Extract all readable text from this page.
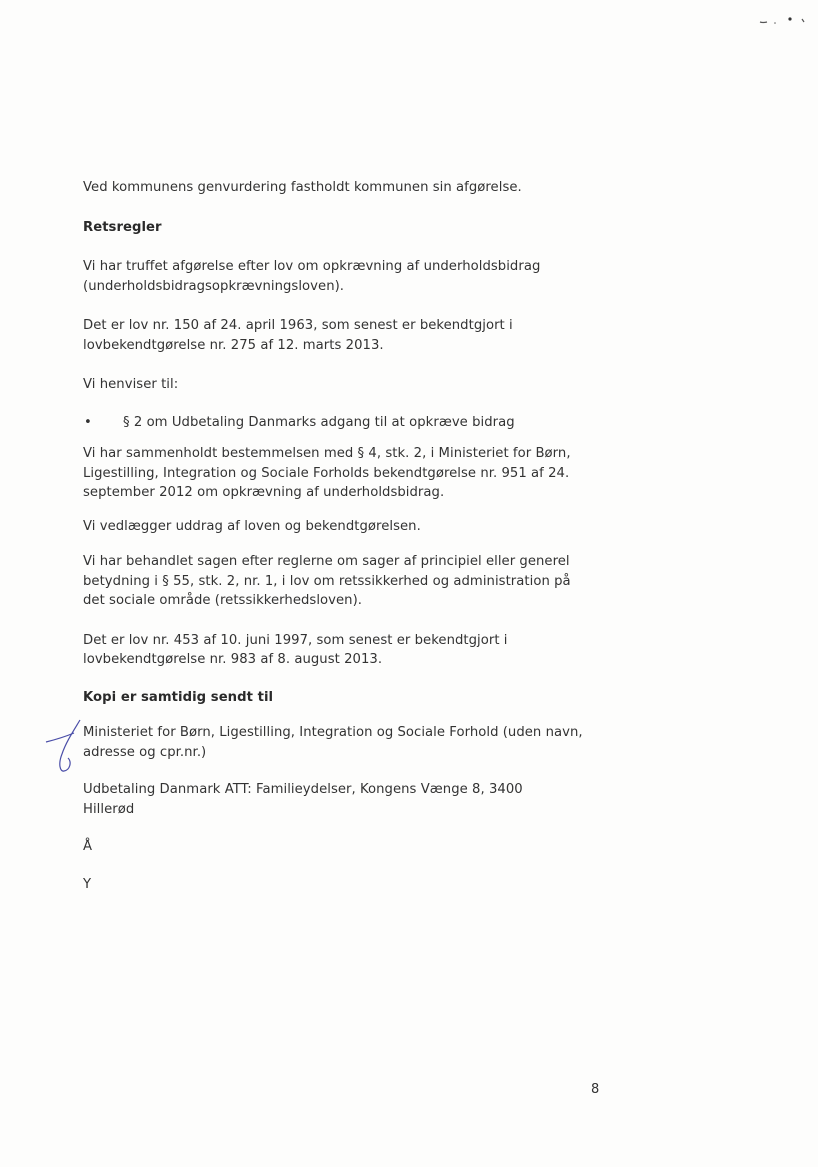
Ved kommunens genvurdering fastholdt kommunen sin afgørelse.

Retsregler

Vi har truffet afgørelse efter lov om opkrævning af underholdsbidrag
(underholdsbidragsopkrævningsloven).

Det er lov nr. 150 af 24. april 1963, som senest er bekendtgjort i
lovbekendtgørelse nr. 275 af 12. marts 2013.

Vi henviser til:

• § 2 om Udbetaling Danmarks adgang til at opkræve bidrag

Vi har sammenholdt bestemmelsen med § 4, stk. 2, i Ministeriet for Børn,
Ligestilling, Integration og Sociale Forholds bekendtgørelse nr. 951 af 24.
september 2012 om opkrævning af underholdsbidrag.

Vi vedlægger uddrag af loven og bekendtgørelsen.

Vi har behandlet sagen efter reglerne om sager af principiel eller generel
betydning i § 55, stk. 2, nr. 1, i lov om retssikkerhed og administration på
det sociale område (retssikkerhedsloven).

Det er lov nr. 453 af 10. juni 1997, som senest er bekendtgjort i
lovbekendtgørelse nr. 983 af 8. august 2013.

Kopi er samtidig sendt til

Ministeriet for Børn, Ligestilling, Integration og Sociale Forhold (uden navn,
adresse og cpr.nr.)

Udbetaling Danmark ATT: Familieydelser, Kongens Vænge 8, 3400
Hillerød

Å

Y

8
